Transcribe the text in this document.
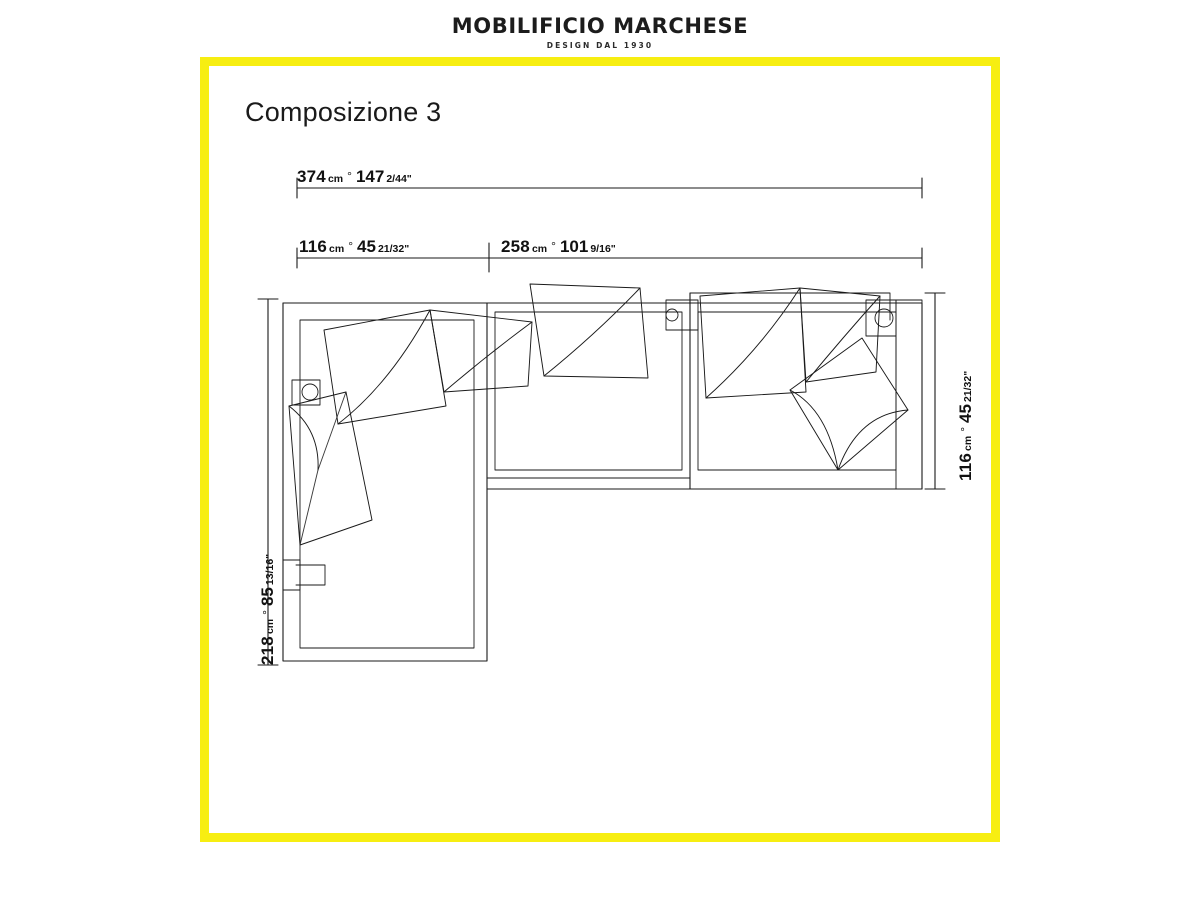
MOBILIFICIO MARCHESE
DESIGN DAL 1930
Composizione 3
374 cm ° 147 2/44"
116 cm ° 45 21/32"	258 cm ° 101 9/16"
218cm°8513/16"
116cm°4521/32"
